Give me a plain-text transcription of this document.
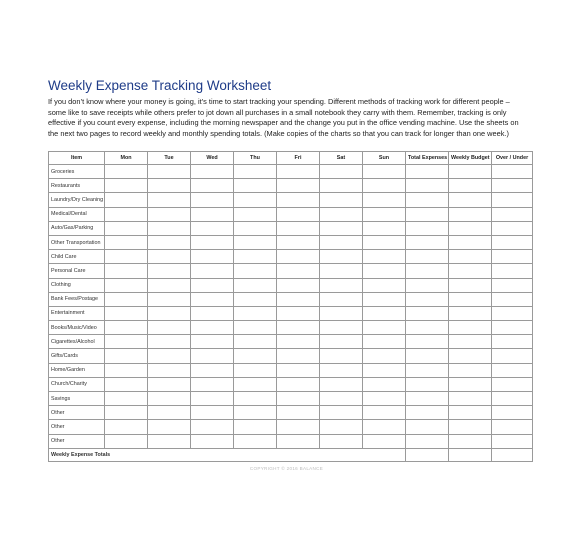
Weekly Expense Tracking Worksheet

If you don’t know where your money is going, it’s time to start tracking your spending. Different methods of tracking work for different people –

some like to save receipts while others prefer to jot down all purchases in a small notebook they carry with them. Remember, tracking is only

effective if you count every expense, including the morning newspaper and the change you put in the office vending machine. Use the sheets on

the next two pages to record weekly and monthly spending totals. (Make copies of the charts so that you can track for longer than one week.)

Item	Mon	Tue	Wed	Thu	Fri	Sat	Sun	Total Expenses	Weekly Budget	Over / Under
Groceries										
Restaurants										
Laundry/Dry Cleaning										
Medical/Dental										
Auto/Gas/Parking										
Other Transportation										
Child Care										
Personal Care										
Clothing										
Bank Fees/Postage										
Entertainment										
Books/Music/Video										
Cigarettes/Alcohol										
Gifts/Cards										
Home/Garden										
Church/Charity										
Savings										
Other										
Other										
Other										
Weekly Expense Totals										
COPYRIGHT © 2016 BALANCE
